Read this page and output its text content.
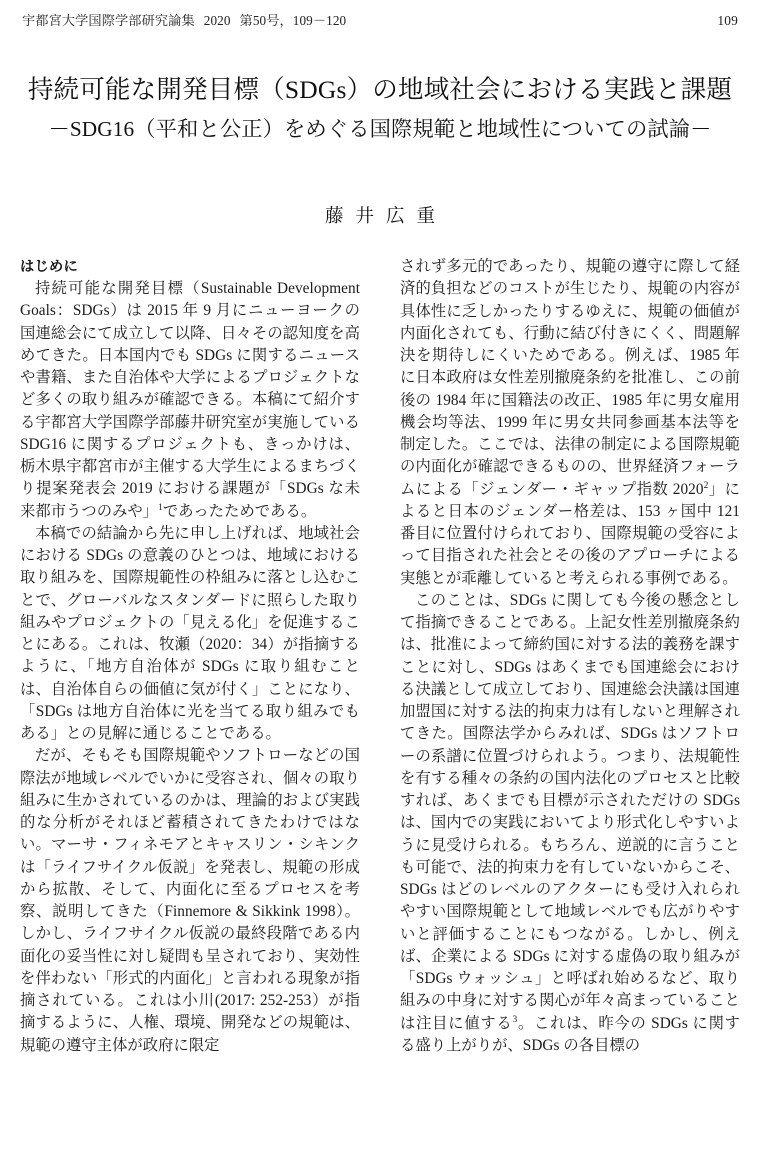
宇都宮大学国際学部研究論集 2020 第50号，109－120	109
持続可能な開発目標（SDGs）の地域社会における実践と課題
－SDG16（平和と公正）をめぐる国際規範と地域性についての試論－
藤井広重
はじめに

持続可能な開発目標（Sustainable Development Goals：SDGs）は 2015 年 9 月にニューヨークの国連総会にて成立して以降、日々その認知度を高めてきた。日本国内でも SDGs に関するニュースや書籍、また自治体や大学によるプロジェクトなど多くの取り組みが確認できる。本稿にて紹介する宇都宮大学国際学部藤井研究室が実施している SDG16 に関するプロジェクトも、きっかけは、栃木県宇都宮市が主催する大学生によるまちづくり提案発表会 2019 における課題が「SDGs な未来都市うつのみや」$^1$であったためである。

本稿での結論から先に申し上げれば、地域社会における SDGs の意義のひとつは、地域における取り組みを、国際規範性の枠組みに落とし込むことで、グローバルなスタンダードに照らした取り組みやプロジェクトの「見える化」を促進することにある。これは、牧瀬（2020：34）が指摘するように、「地方自治体が SDGs に取り組むことは、自治体自らの価値に気が付く」ことになり、「SDGs は地方自治体に光を当てる取り組みでもある」との見解に通じることである。

だが、そもそも国際規範やソフトローなどの国際法が地域レベルでいかに受容され、個々の取り組みに生かされているのかは、理論的および実践的な分析がそれほど蓄積されてきたわけではない。マーサ・フィネモアとキャスリン・シキンクは「ライフサイクル仮説」を発表し、規範の形成から拡散、そして、内面化に至るプロセスを考察、説明してきた（Finnemore & Sikkink 1998）。しかし、ライフサイクル仮説の最終段階である内面化の妥当性に対し疑問も呈されており、実効性を伴わない「形式的内面化」と言われる現象が指摘されている。これは小川(2017: 252-253）が指摘するように、人権、環境、開発などの規範は、規範の遵守主体が政府に限定

されず多元的であったり、規範の遵守に際して経済的負担などのコストが生じたり、規範の内容が具体性に乏しかったりするゆえに、規範の価値が内面化されても、行動に結び付きにくく、問題解決を期待しにくいためである。例えば、1985 年に日本政府は女性差別撤廃条約を批准し、この前後の 1984 年に国籍法の改正、1985 年に男女雇用機会均等法、1999 年に男女共同参画基本法等を制定した。ここでは、法律の制定による国際規範の内面化が確認できるものの、世界経済フォーラムによる「ジェンダー・ギャップ指数 2020$^2$」によると日本のジェンダー格差は、153 ヶ国中 121 番目に位置付けられており、国際規範の受容によって目指された社会とその後のアプローチによる実態とが乖離していると考えられる事例である。

このことは、SDGs に関しても今後の懸念として指摘できることである。上記女性差別撤廃条約は、批准によって締約国に対する法的義務を課すことに対し、SDGs はあくまでも国連総会における決議として成立しており、国連総会決議は国連加盟国に対する法的拘束力は有しないと理解されてきた。国際法学からみれば、SDGs はソフトローの系譜に位置づけられよう。つまり、法規範性を有する種々の条約の国内法化のプロセスと比較すれば、あくまでも目標が示されただけの SDGs は、国内での実践においてより形式化しやすいように見受けられる。もちろん、逆説的に言うことも可能で、法的拘束力を有していないからこそ、SDGs はどのレベルのアクターにも受け入れられやすい国際規範として地域レベルでも広がりやすいと評価することにもつながる。しかし、例えば、企業による SDGs に対する虚偽の取り組みが「SDGs ウォッシュ」と呼ばれ始めるなど、取り組みの中身に対する関心が年々高まっていることは注目に値する$^3$。これは、昨今の SDGs に関する盛り上がりが、SDGs の各目標の
